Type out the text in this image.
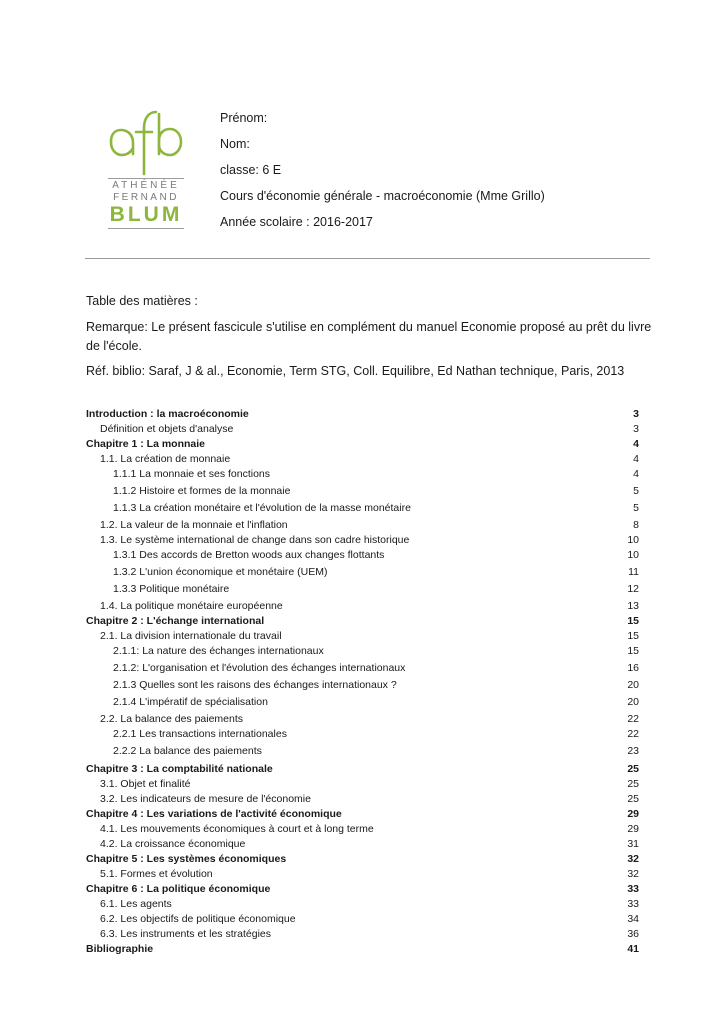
ATHÉNÉE
FERNAND
BLUM
Prénom:
Nom:
classe: 6 E
Cours d'économie générale - macroéconomie (Mme Grillo)
Année scolaire : 2016-2017
Table des matières :
Remarque: Le présent fascicule s'utilise en complément du manuel Economie proposé au prêt du livre
de l'école.
Réf. biblio: Saraf, J & al., Economie, Term STG, Coll. Equilibre, Ed Nathan technique, Paris, 2013
Introduction : la macroéconomie	3
Définition et objets d'analyse	3
Chapitre 1 : La monnaie	4
1.1. La création de monnaie	4
1.1.1 La monnaie et ses fonctions	4
1.1.2 Histoire et formes de la monnaie	5
1.1.3 La création monétaire et l'évolution de la masse monétaire	5
1.2. La valeur de la monnaie et l'inflation	8
1.3. Le système international de change dans son cadre historique	10
1.3.1 Des accords de Bretton woods aux changes flottants	10
1.3.2 L'union économique et monétaire (UEM)	11
1.3.3 Politique monétaire	12
1.4. La politique monétaire européenne	13
Chapitre 2 : L'échange international	15
2.1. La division internationale du travail	15
2.1.1: La nature des échanges internationaux	15
2.1.2: L'organisation et l'évolution des échanges internationaux	16
2.1.3 Quelles sont les raisons des échanges internationaux ?	20
2.1.4 L'impératif de spécialisation	20
2.2. La balance des paiements	22
2.2.1 Les transactions internationales	22
2.2.2 La balance des paiements	23
Chapitre 3 : La comptabilité nationale	25
3.1. Objet et finalité	25
3.2. Les indicateurs de mesure de l'économie	25
Chapitre 4 : Les variations de l'activité économique	29
4.1. Les mouvements économiques à court et à long terme	29
4.2. La croissance économique	31
Chapitre 5 : Les systèmes économiques	32
5.1. Formes et évolution	32
Chapitre 6 : La politique économique	33
6.1. Les agents	33
6.2. Les objectifs de politique économique	34
6.3. Les instruments et les stratégies	36
Bibliographie	41
